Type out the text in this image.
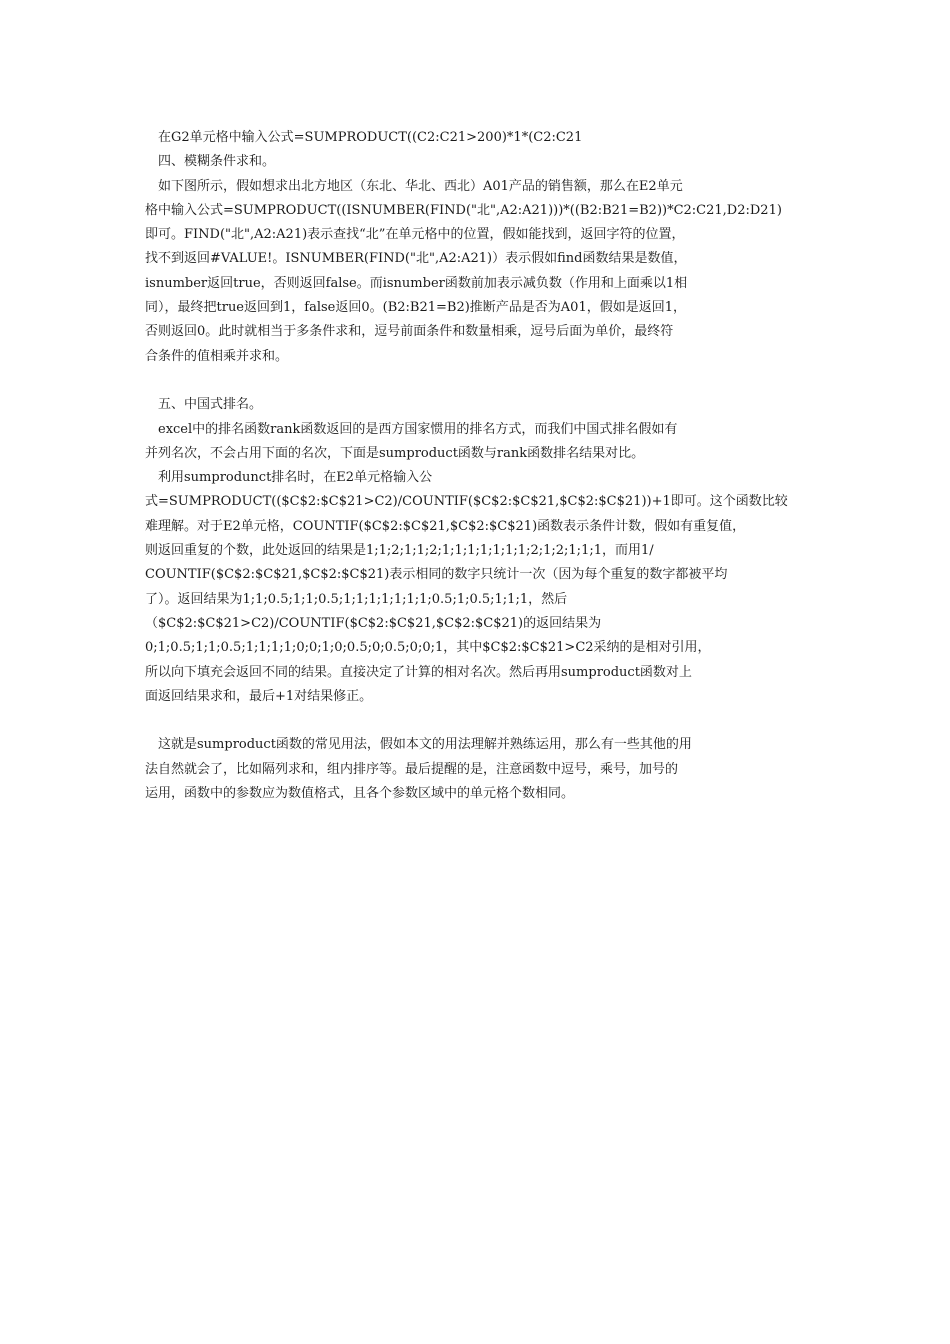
在G2单元格中输入公式=SUMPRODUCT((C2:C21>200)*1*(C2:C21
四、模糊条件求和。
如下图所示，假如想求出北方地区（东北、华北、西北）A01产品的销售额，那么在E2单元
格中输入公式=SUMPRODUCT((ISNUMBER(FIND("北",A2:A21)))*((B2:B21=B2))*C2:C21,D2:D21)
即可。FIND("北",A2:A21)表示查找“北”在单元格中的位置，假如能找到，返回字符的位置，
找不到返回#VALUE!。ISNUMBER(FIND("北",A2:A21)）表示假如find函数结果是数值，
isnumber返回true，否则返回false。而isnumber函数前加表示减负数（作用和上面乘以1相
同），最终把true返回到1，false返回0。(B2:B21=B2)推断产品是否为A01，假如是返回1，
否则返回0。此时就相当于多条件求和，逗号前面条件和数量相乘，逗号后面为单价，最终符
合条件的值相乘并求和。
五、中国式排名。
excel中的排名函数rank函数返回的是西方国家惯用的排名方式，而我们中国式排名假如有
并列名次，不会占用下面的名次，下面是sumproduct函数与rank函数排名结果对比。
利用sumprodunct排名时，在E2单元格输入公
式=SUMPRODUCT(($C$2:$C$21>C2)/COUNTIF($C$2:$C$21,$C$2:$C$21))+1即可。这个函数比较
难理解。对于E2单元格，COUNTIF($C$2:$C$21,$C$2:$C$21)函数表示条件计数，假如有重复值，
则返回重复的个数，此处返回的结果是1;1;2;1;1;2;1;1;1;1;1;1;1;2;1;2;1;1;1，而用1/
COUNTIF($C$2:$C$21,$C$2:$C$21)表示相同的数字只统计一次（因为每个重复的数字都被平均
了）。返回结果为1;1;0.5;1;1;0.5;1;1;1;1;1;1;1;0.5;1;0.5;1;1;1，然后
（$C$2:$C$21>C2)/COUNTIF($C$2:$C$21,$C$2:$C$21)的返回结果为
0;1;0.5;1;1;0.5;1;1;1;1;0;0;1;0;0.5;0;0.5;0;0;1，其中$C$2:$C$21>C2采纳的是相对引用，
所以向下填充会返回不同的结果。直接决定了计算的相对名次。然后再用sumproduct函数对上
面返回结果求和，最后+1对结果修正。
这就是sumproduct函数的常见用法，假如本文的用法理解并熟练运用，那么有一些其他的用
法自然就会了，比如隔列求和，组内排序等。最后提醒的是，注意函数中逗号，乘号，加号的
运用，函数中的参数应为数值格式，且各个参数区域中的单元格个数相同。
